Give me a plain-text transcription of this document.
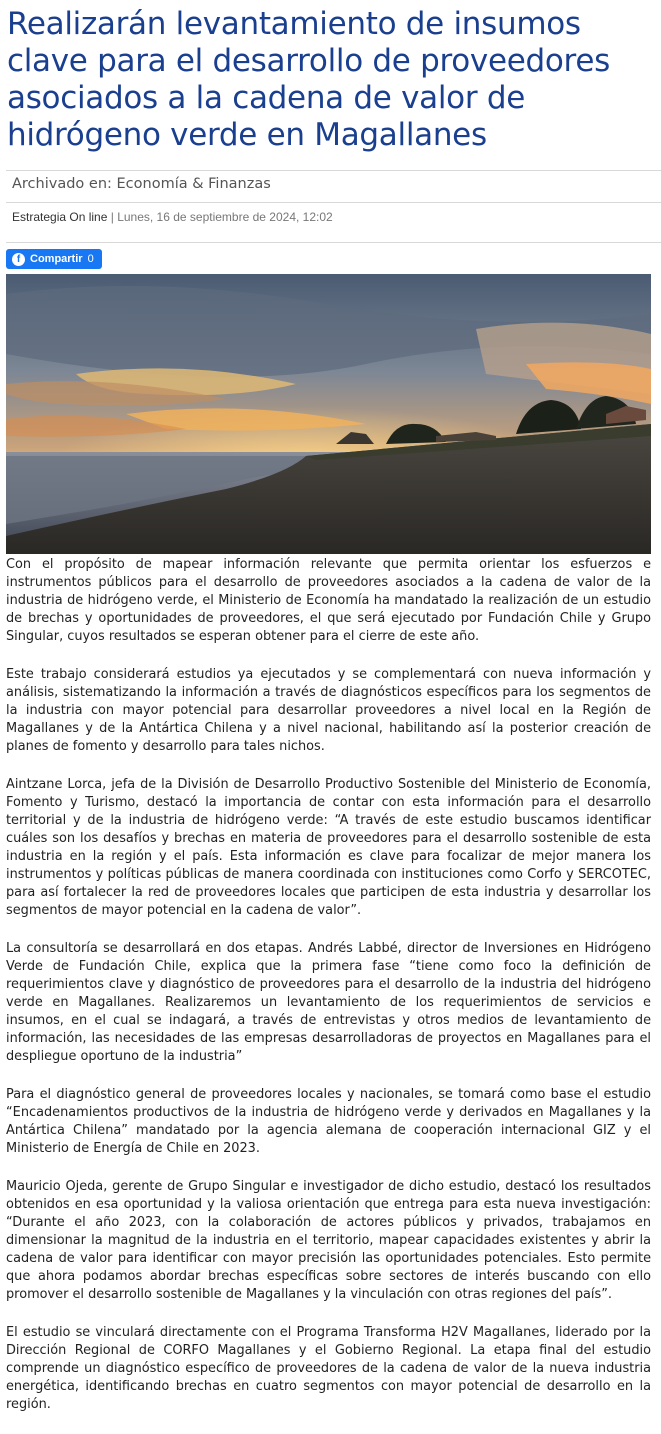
Realizarán levantamiento de insumos clave para el desarrollo de proveedores asociados a la cadena de valor de hidrógeno verde en Magallanes
Archivado en: Economía & Finanzas
Estrategia On line | Lunes, 16 de septiembre de 2024, 12:02
f Compartir 0

Con el propósito de mapear información relevante que permita orientar los esfuerzos e instrumentos públicos para el desarrollo de proveedores asociados a la cadena de valor de la industria de hidrógeno verde, el Ministerio de Economía ha mandatado la realización de un estudio de brechas y oportunidades de proveedores, el que será ejecutado por Fundación Chile y Grupo Singular, cuyos resultados se esperan obtener para el cierre de este año.

Este trabajo considerará estudios ya ejecutados y se complementará con nueva información y análisis, sistematizando la información a través de diagnósticos específicos para los segmentos de la industria con mayor potencial para desarrollar proveedores a nivel local en la Región de Magallanes y de la Antártica Chilena y a nivel nacional, habilitando así la posterior creación de planes de fomento y desarrollo para tales nichos.

Aintzane Lorca, jefa de la División de Desarrollo Productivo Sostenible del Ministerio de Economía, Fomento y Turismo, destacó la importancia de contar con esta información para el desarrollo territorial y de la industria de hidrógeno verde: “A través de este estudio buscamos identificar cuáles son los desafíos y brechas en materia de proveedores para el desarrollo sostenible de esta industria en la región y el país. Esta información es clave para focalizar de mejor manera los instrumentos y políticas públicas de manera coordinada con instituciones como Corfo y SERCOTEC, para así fortalecer la red de proveedores locales que participen de esta industria y desarrollar los segmentos de mayor potencial en la cadena de valor”.

La consultoría se desarrollará en dos etapas. Andrés Labbé, director de Inversiones en Hidrógeno Verde de Fundación Chile, explica que la primera fase “tiene como foco la definición de requerimientos clave y diagnóstico de proveedores para el desarrollo de la industria del hidrógeno verde en Magallanes. Realizaremos un levantamiento de los requerimientos de servicios e insumos, en el cual se indagará, a través de entrevistas y otros medios de levantamiento de información, las necesidades de las empresas desarrolladoras de proyectos en Magallanes para el despliegue oportuno de la industria”

Para el diagnóstico general de proveedores locales y nacionales, se tomará como base el estudio “Encadenamientos productivos de la industria de hidrógeno verde y derivados en Magallanes y la Antártica Chilena” mandatado por la agencia alemana de cooperación internacional GIZ y el Ministerio de Energía de Chile en 2023.

Mauricio Ojeda, gerente de Grupo Singular e investigador de dicho estudio, destacó los resultados obtenidos en esa oportunidad y la valiosa orientación que entrega para esta nueva investigación: “Durante el año 2023, con la colaboración de actores públicos y privados, trabajamos en dimensionar la magnitud de la industria en el territorio, mapear capacidades existentes y abrir la cadena de valor para identificar con mayor precisión las oportunidades potenciales. Esto permite que ahora podamos abordar brechas específicas sobre sectores de interés buscando con ello promover el desarrollo sostenible de Magallanes y la vinculación con otras regiones del país”.

El estudio se vinculará directamente con el Programa Transforma H2V Magallanes, liderado por la Dirección Regional de CORFO Magallanes y el Gobierno Regional. La etapa final del estudio comprende un diagnóstico específico de proveedores de la cadena de valor de la nueva industria energética, identificando brechas en cuatro segmentos con mayor potencial de desarrollo en la región.
